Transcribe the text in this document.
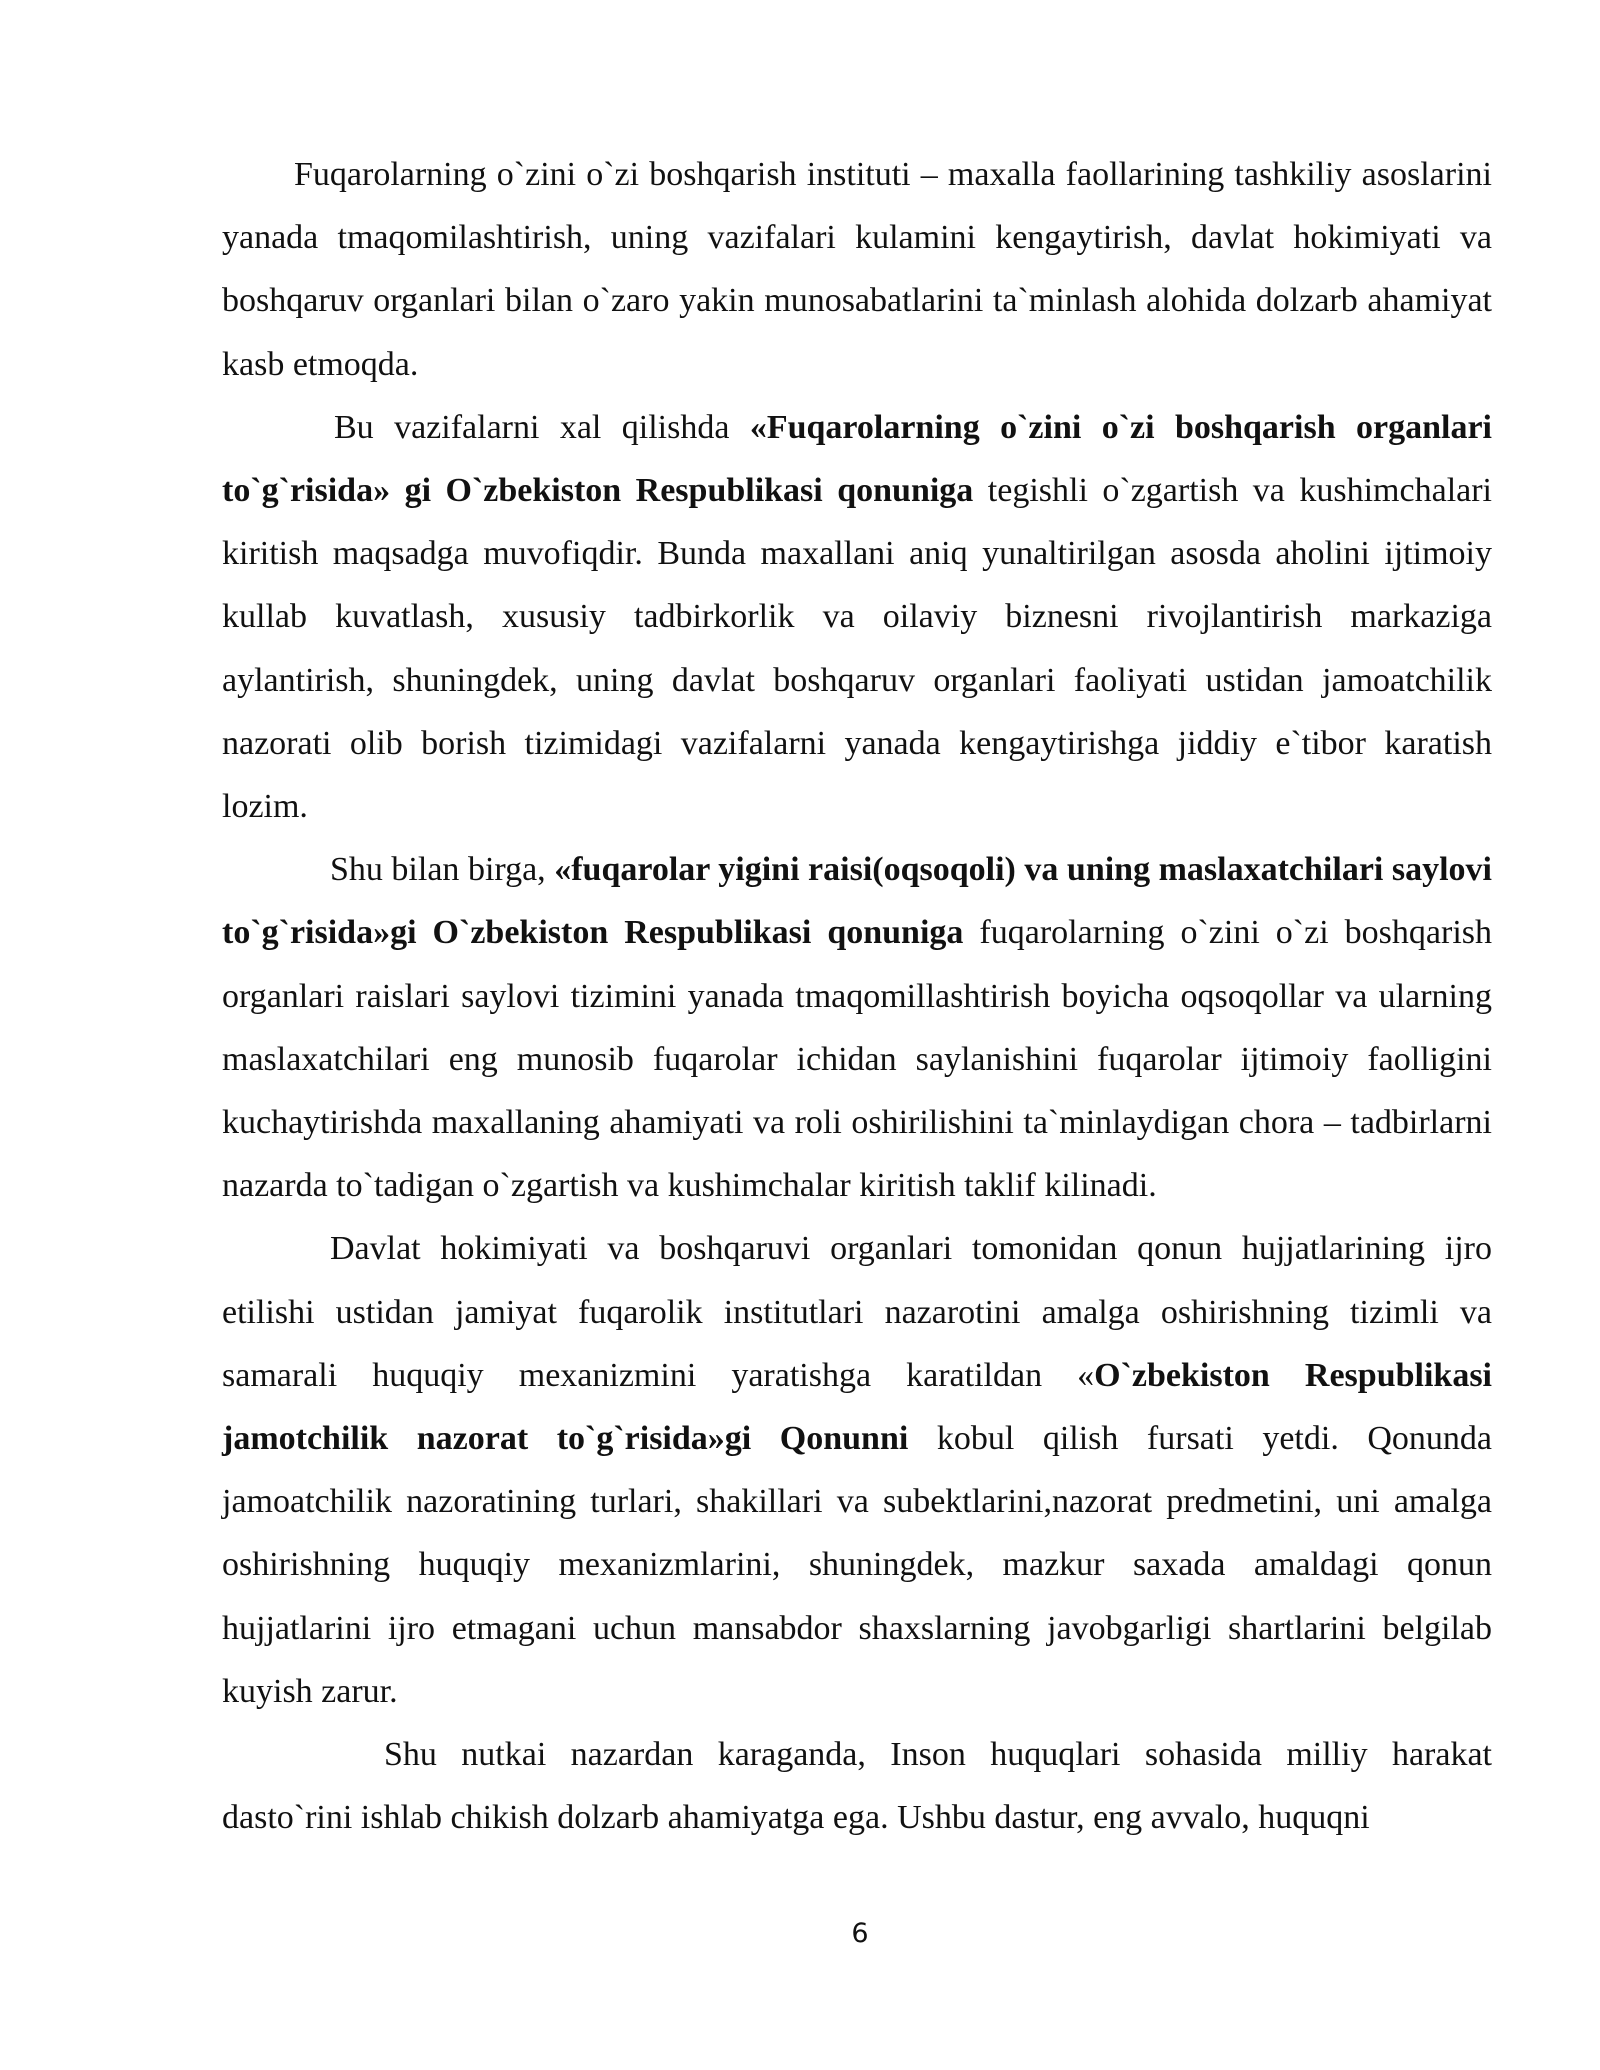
Fuqarolarning o`zini o`zi boshqarish instituti – maxalla faollarining tashkiliy asoslarini yanada tmaqomilashtirish, uning vazifalari kulamini kengaytirish, davlat hokimiyati va boshqaruv organlari bilan o`zaro yakin munosabatlarini ta`minlash alohida dolzarb ahamiyat kasb etmoqda.

Bu vazifalarni xal qilishda «Fuqarolarning o`zini o`zi boshqarish organlari to`g`risida» gi O`zbekiston Respublikasi qonuniga tegishli o`zgartish va kushimchalari kiritish maqsadga muvofiqdir. Bunda maxallani aniq yunaltirilgan asosda aholini ijtimoiy kullab kuvatlash, xususiy tadbirkorlik va oilaviy biznesni rivojlantirish markaziga aylantirish, shuningdek, uning davlat boshqaruv organlari faoliyati ustidan jamoatchilik nazorati olib borish tizimidagi vazifalarni yanada kengaytirishga jiddiy e`tibor karatish lozim.

Shu bilan birga, «fuqarolar yigini raisi(oqsoqoli) va uning maslaxatchilari saylovi to`g`risida»gi O`zbekiston Respublikasi qonuniga fuqarolarning o`zini o`zi boshqarish organlari raislari saylovi tizimini yanada tmaqomillashtirish boyicha oqsoqollar va ularning maslaxatchilari eng munosib fuqarolar ichidan saylanishini fuqarolar ijtimoiy faolligini kuchaytirishda maxallaning ahamiyati va roli oshirilishini ta`minlaydigan chora – tadbirlarni nazarda to`tadigan o`zgartish va kushimchalar kiritish taklif kilinadi.

Davlat hokimiyati va boshqaruvi organlari tomonidan qonun hujjatlarining ijro etilishi ustidan jamiyat fuqarolik institutlari nazarotini amalga oshirishning tizimli va samarali huquqiy mexanizmini yaratishga karatildan «O`zbekiston Respublikasi jamotchilik nazorat to`g`risida»gi Qonunni kobul qilish fursati yetdi. Qonunda jamoatchilik nazoratining turlari, shakillari va subektlarini,nazorat predmetini, uni amalga oshirishning huquqiy mexanizmlarini, shuningdek, mazkur saxada amaldagi qonun hujjatlarini ijro etmagani uchun mansabdor shaxslarning javobgarligi shartlarini belgilab kuyish zarur.

Shu nutkai nazardan karaganda, Inson huquqlari sohasida milliy harakat dasto`rini ishlab chikish dolzarb ahamiyatga ega. Ushbu dastur, eng avvalo, huquqni

6
